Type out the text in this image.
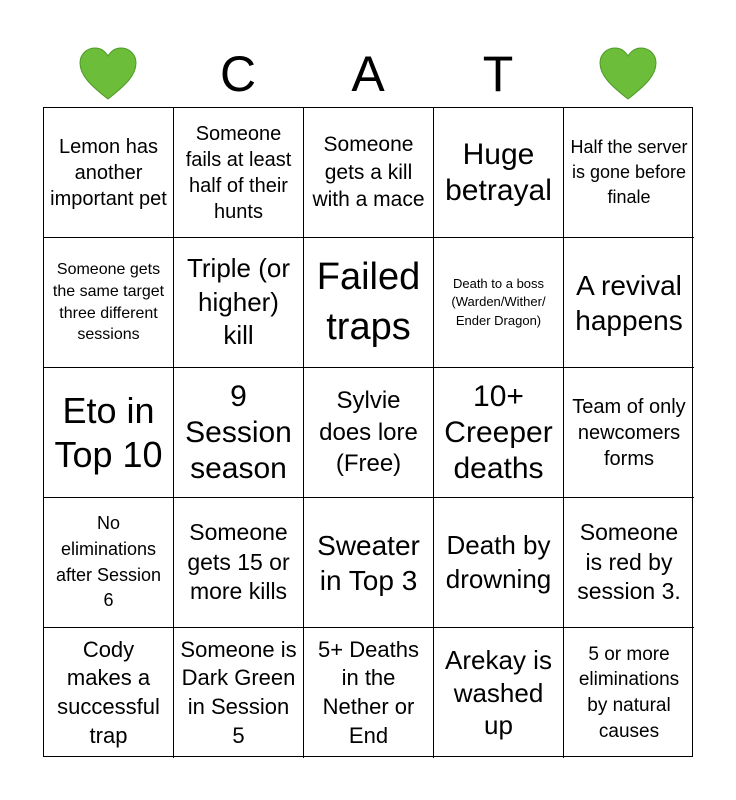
C A T
Lemon has another important pet
Someone fails at least half of their hunts
Someone gets a kill with a mace
Huge betrayal
Half the server is gone before finale
Someone gets the same target three different sessions
Triple (or higher) kill
Failed traps
Death to a boss (Warden/Wither/ Ender Dragon)
A revival happens
Eto in Top 10
9 Session season
Sylvie does lore (Free)
10+ Creeper deaths
Team of only newcomers forms
No eliminations after Session 6
Someone gets 15 or more kills
Sweater in Top 3
Death by drowning
Someone is red by session 3.
Cody makes a successful trap
Someone is Dark Green in Session 5
5+ Deaths in the Nether or End
Arekay is washed up
5 or more eliminations by natural causes
